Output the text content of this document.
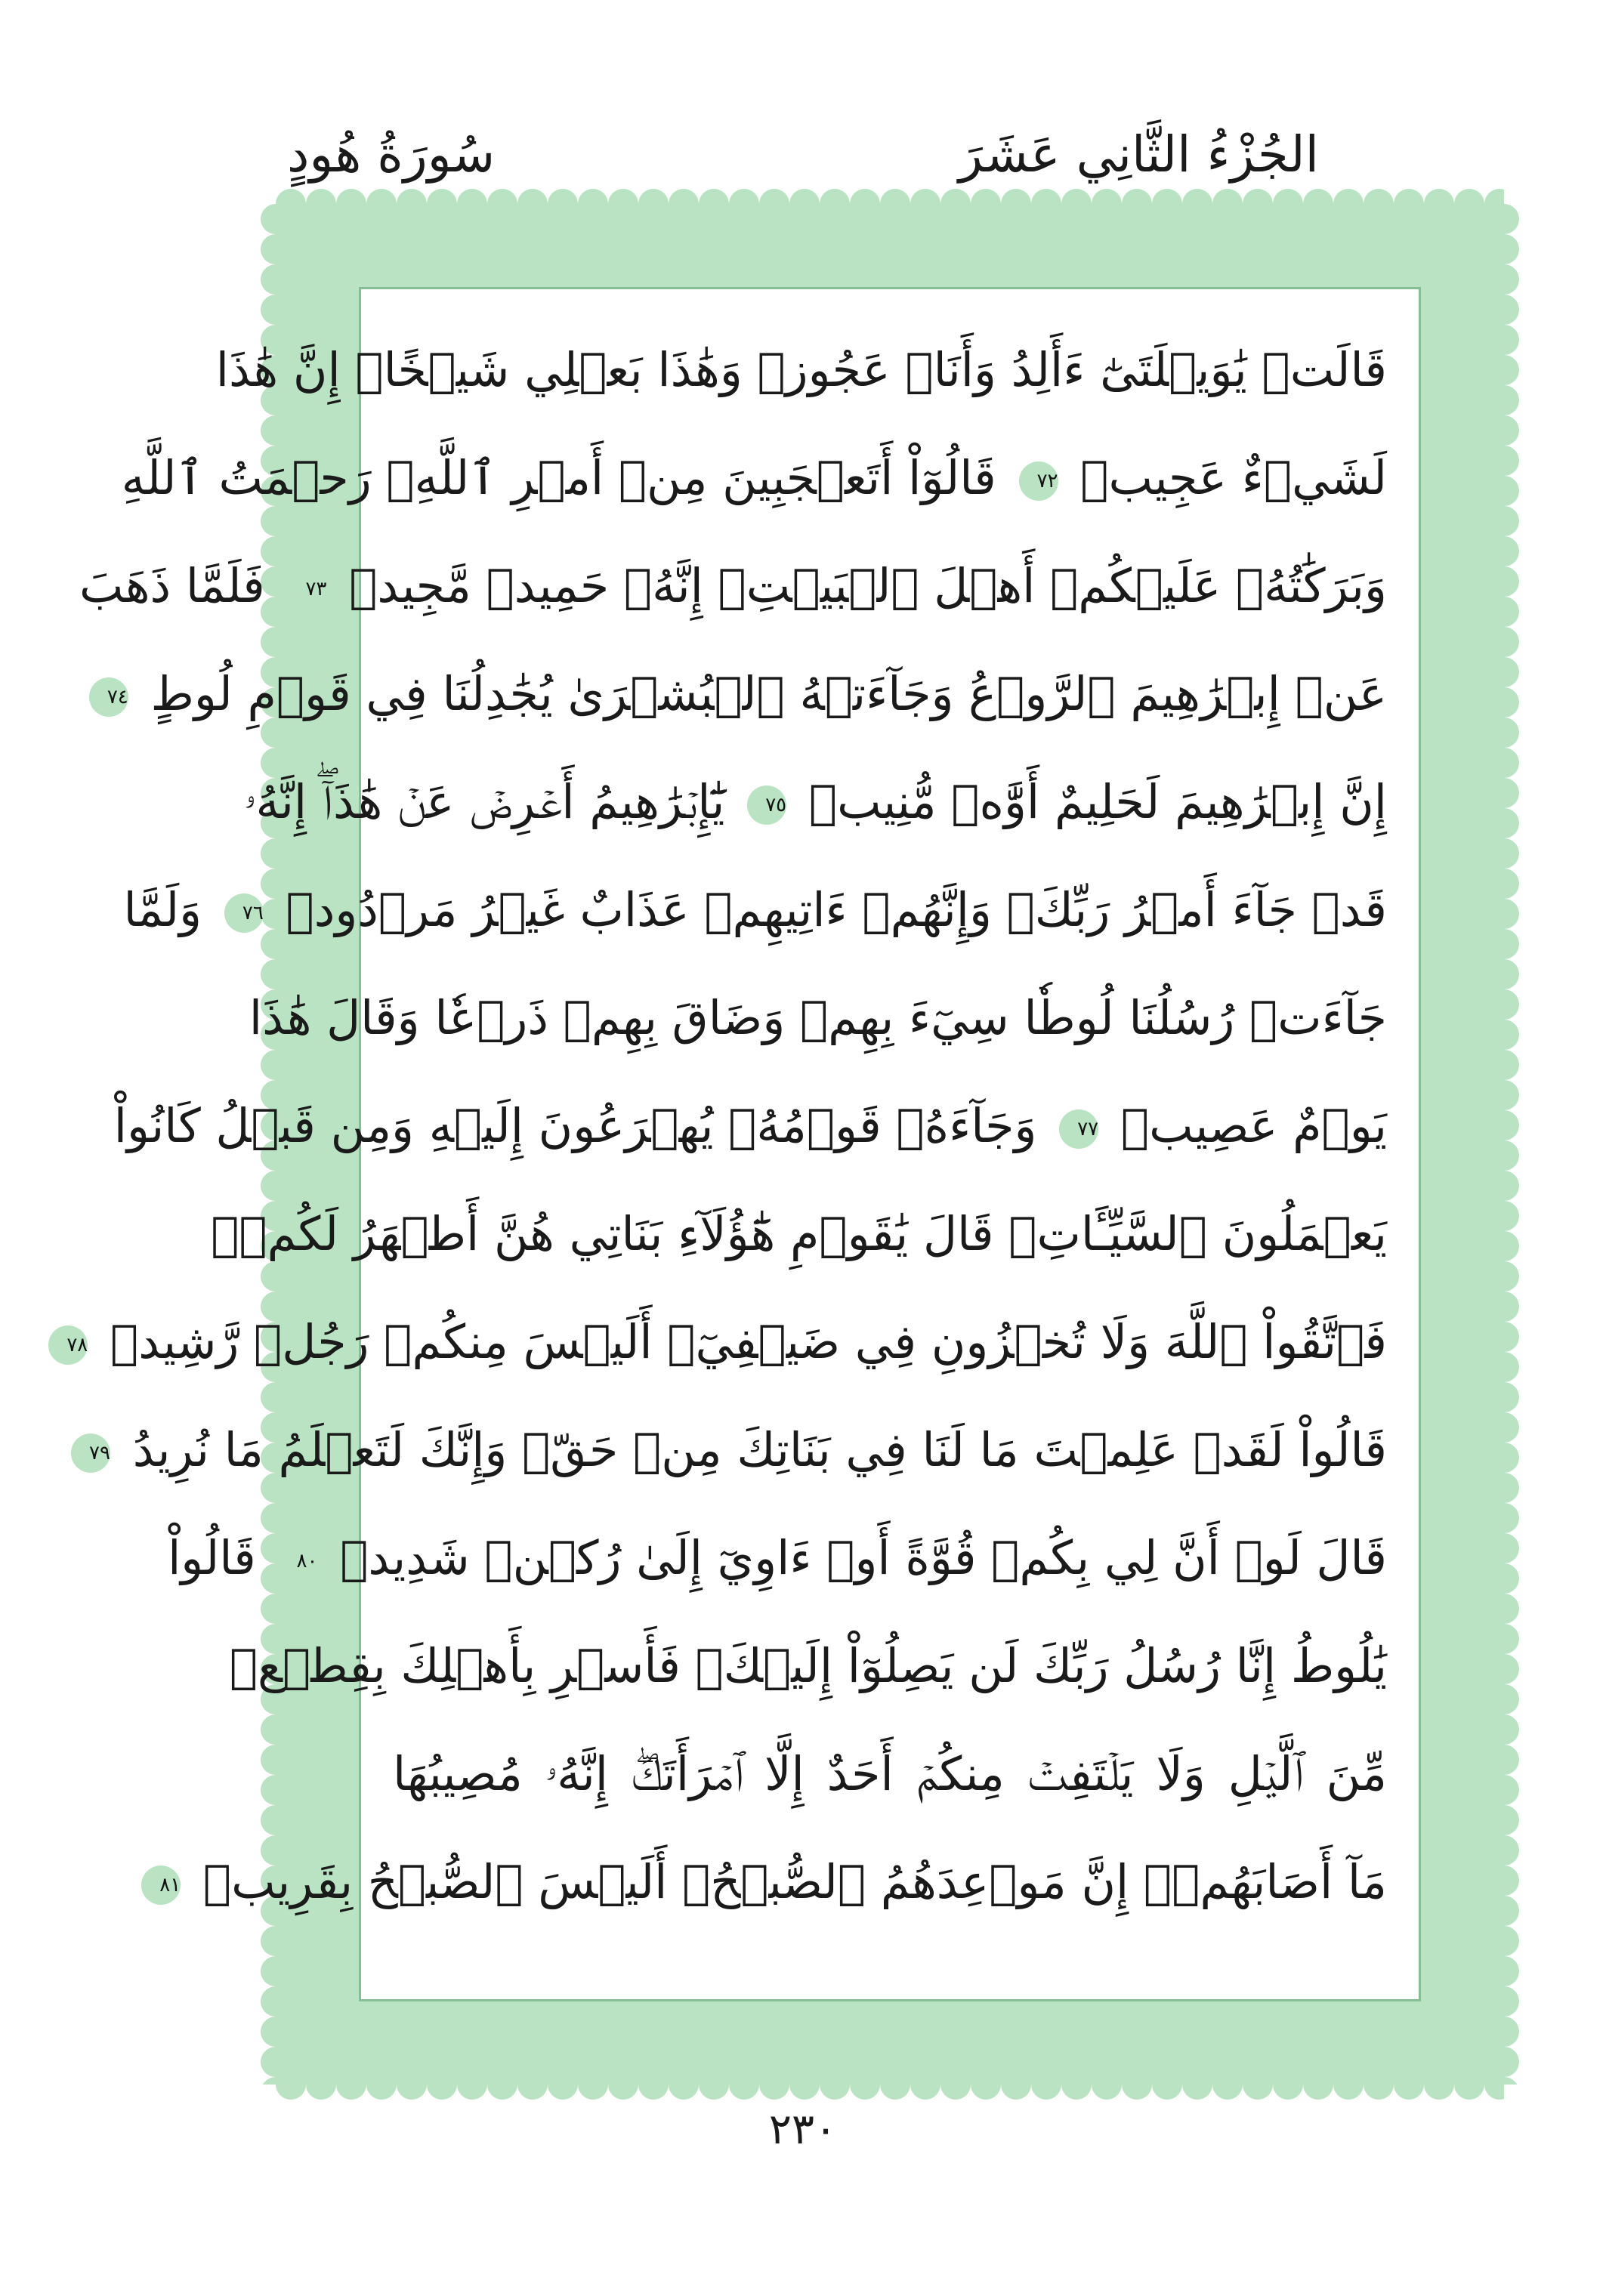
الجُزْءُ الثَّانِي عَشَرَ
سُورَةُ هُودٍ
قَالَتۡ يَٰوَيۡلَتَىٰٓ ءَأَلِدُ وَأَنَا۠ عَجُوزٞ وَهَٰذَا بَعۡلِي شَيۡخًاۖ إِنَّ هَٰذَا
لَشَيۡءٌ عَجِيبٞ ٧٢ قَالُوٓاْ أَتَعۡجَبِينَ مِنۡ أَمۡرِ ٱللَّهِۖ رَحۡمَتُ ٱللَّهِ
وَبَرَكَٰتُهُۥ عَلَيۡكُمۡ أَهۡلَ ٱلۡبَيۡتِۚ إِنَّهُۥ حَمِيدٞ مَّجِيدٞ ٧٣ فَلَمَّا ذَهَبَ
عَنۡ إِبۡرَٰهِيمَ ٱلرَّوۡعُ وَجَآءَتۡهُ ٱلۡبُشۡرَىٰ يُجَٰدِلُنَا فِي قَوۡمِ لُوطٍ ٧٤
إِنَّ إِبۡرَٰهِيمَ لَحَلِيمٌ أَوَّٰهٞ مُّنِيبٞ ٧٥ يَٰٓإِبۡرَٰهِيمُ أَعۡرِضۡ عَنۡ هَٰذَآۖ إِنَّهُۥ
قَدۡ جَآءَ أَمۡرُ رَبِّكَۖ وَإِنَّهُمۡ ءَاتِيهِمۡ عَذَابٌ غَيۡرُ مَرۡدُودٖ ٧٦ وَلَمَّا
جَآءَتۡ رُسُلُنَا لُوطٗا سِيٓءَ بِهِمۡ وَضَاقَ بِهِمۡ ذَرۡعٗا وَقَالَ هَٰذَا
يَوۡمٌ عَصِيبٞ ٧٧ وَجَآءَهُۥ قَوۡمُهُۥ يُهۡرَعُونَ إِلَيۡهِ وَمِن قَبۡلُ كَانُواْ
يَعۡمَلُونَ ٱلسَّيِّـَٔاتِۚ قَالَ يَٰقَوۡمِ هَٰٓؤُلَآءِ بَنَاتِي هُنَّ أَطۡهَرُ لَكُمۡۖ
فَٱتَّقُواْ ٱللَّهَ وَلَا تُخۡزُونِ فِي ضَيۡفِيٓۖ أَلَيۡسَ مِنكُمۡ رَجُلٞ رَّشِيدٞ ٧٨
قَالُواْ لَقَدۡ عَلِمۡتَ مَا لَنَا فِي بَنَاتِكَ مِنۡ حَقّٖ وَإِنَّكَ لَتَعۡلَمُ مَا نُرِيدُ ٧٩
قَالَ لَوۡ أَنَّ لِي بِكُمۡ قُوَّةً أَوۡ ءَاوِيٓ إِلَىٰ رُكۡنٖ شَدِيدٖ ٨٠ قَالُواْ
يَٰلُوطُ إِنَّا رُسُلُ رَبِّكَ لَن يَصِلُوٓاْ إِلَيۡكَۖ فَأَسۡرِ بِأَهۡلِكَ بِقِطۡعٖ
مِّنَ ٱلَّيۡلِ وَلَا يَلۡتَفِتۡ مِنكُمۡ أَحَدٌ إِلَّا ٱمۡرَأَتَكَۖ إِنَّهُۥ مُصِيبُهَا
مَآ أَصَابَهُمۡۚ إِنَّ مَوۡعِدَهُمُ ٱلصُّبۡحُۚ أَلَيۡسَ ٱلصُّبۡحُ بِقَرِيبٖ ٨١
٢٣٠
